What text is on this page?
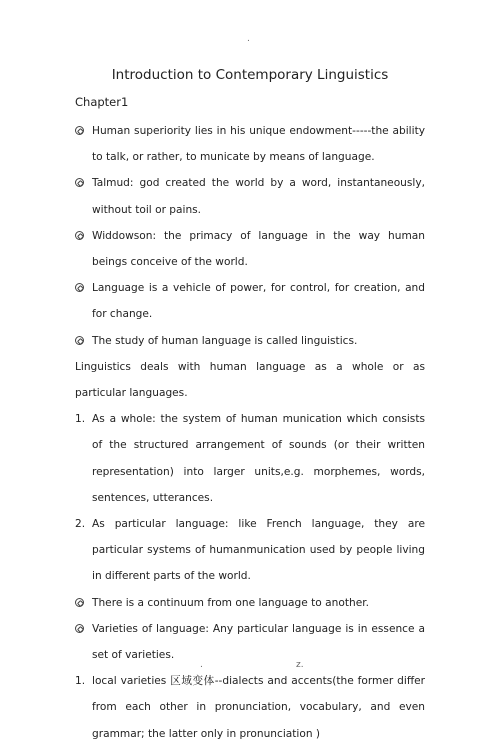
.
Introduction to Contemporary Linguistics
Chapter1
Human superiority lies in his unique endowment-----the ability to talk, or rather, to municate by means of language.
Talmud: god created the world by a word, instantaneously, without toil or pains.
Widdowson: the primacy of language in the way human beings conceive of the world.
Language is a vehicle of power, for control, for creation, and for change.
The study of human language is called linguistics.
Linguistics deals with human language as a whole or as particular languages.
1. As a whole: the system of human munication which consists of the structured arrangement of sounds (or their written representation) into larger units,e.g. morphemes, words, sentences, utterances.
2. As particular language: like French language, they are particular systems of humanmunication used by people living in different parts of the world.
There is a continuum from one language to another.
Varieties of language: Any particular language is in essence a set of varieties.
1. local varieties 区域变体--dialects and accents(the former differ from each other in pronunciation, vocabulary, and even grammar; the latter only in pronunciation )
.	z.
